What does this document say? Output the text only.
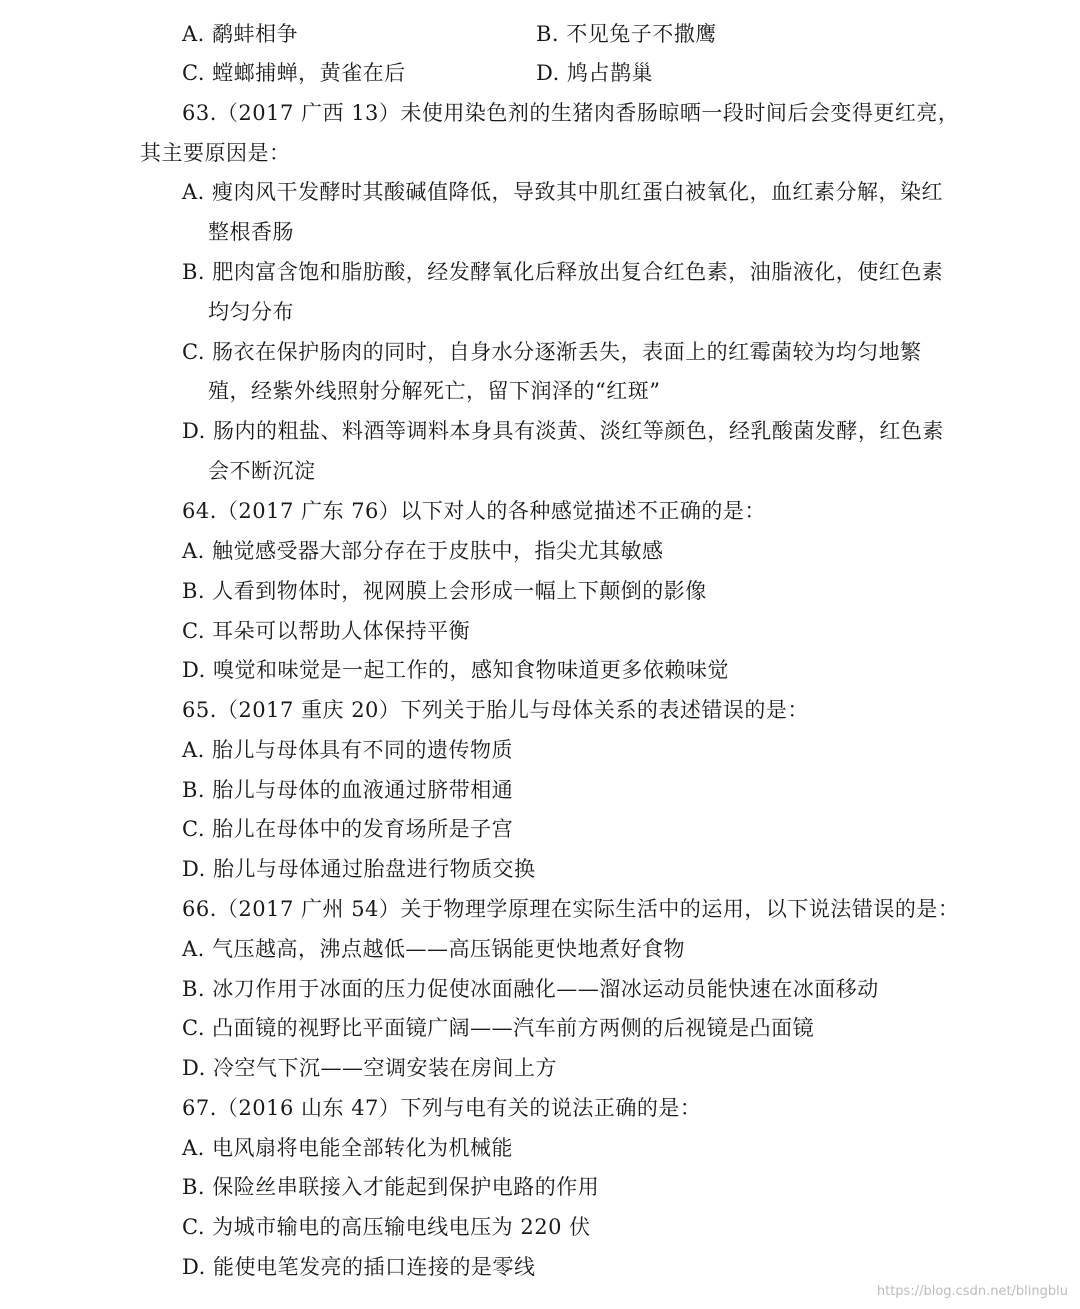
A. 鹬蚌相争	B. 不见兔子不撒鹰
C. 螳螂捕蝉，黄雀在后	D. 鸠占鹊巢
63.（2017 广西 13）未使用染色剂的生猪肉香肠晾晒一段时间后会变得更红亮，
其主要原因是：
A. 瘦肉风干发酵时其酸碱值降低，导致其中肌红蛋白被氧化，血红素分解，染红
整根香肠
B. 肥肉富含饱和脂肪酸，经发酵氧化后释放出复合红色素，油脂液化，使红色素
均匀分布
C. 肠衣在保护肠肉的同时，自身水分逐渐丢失，表面上的红霉菌较为均匀地繁
殖，经紫外线照射分解死亡，留下润泽的“红斑”
D. 肠内的粗盐、料酒等调料本身具有淡黄、淡红等颜色，经乳酸菌发酵，红色素
会不断沉淀
64.（2017 广东 76）以下对人的各种感觉描述不正确的是：
A. 触觉感受器大部分存在于皮肤中，指尖尤其敏感
B. 人看到物体时，视网膜上会形成一幅上下颠倒的影像
C. 耳朵可以帮助人体保持平衡
D. 嗅觉和味觉是一起工作的，感知食物味道更多依赖味觉
65.（2017 重庆 20）下列关于胎儿与母体关系的表述错误的是：
A. 胎儿与母体具有不同的遗传物质
B. 胎儿与母体的血液通过脐带相通
C. 胎儿在母体中的发育场所是子宫
D. 胎儿与母体通过胎盘进行物质交换
66.（2017 广州 54）关于物理学原理在实际生活中的运用，以下说法错误的是：
A. 气压越高，沸点越低——高压锅能更快地煮好食物
B. 冰刀作用于冰面的压力促使冰面融化——溜冰运动员能快速在冰面移动
C. 凸面镜的视野比平面镜广阔——汽车前方两侧的后视镜是凸面镜
D. 冷空气下沉——空调安装在房间上方
67.（2016 山东 47）下列与电有关的说法正确的是：
A. 电风扇将电能全部转化为机械能
B. 保险丝串联接入才能起到保护电路的作用
C. 为城市输电的高压输电线电压为 220 伏
D. 能使电笔发亮的插口连接的是零线
https://blog.csdn.net/blingblu
